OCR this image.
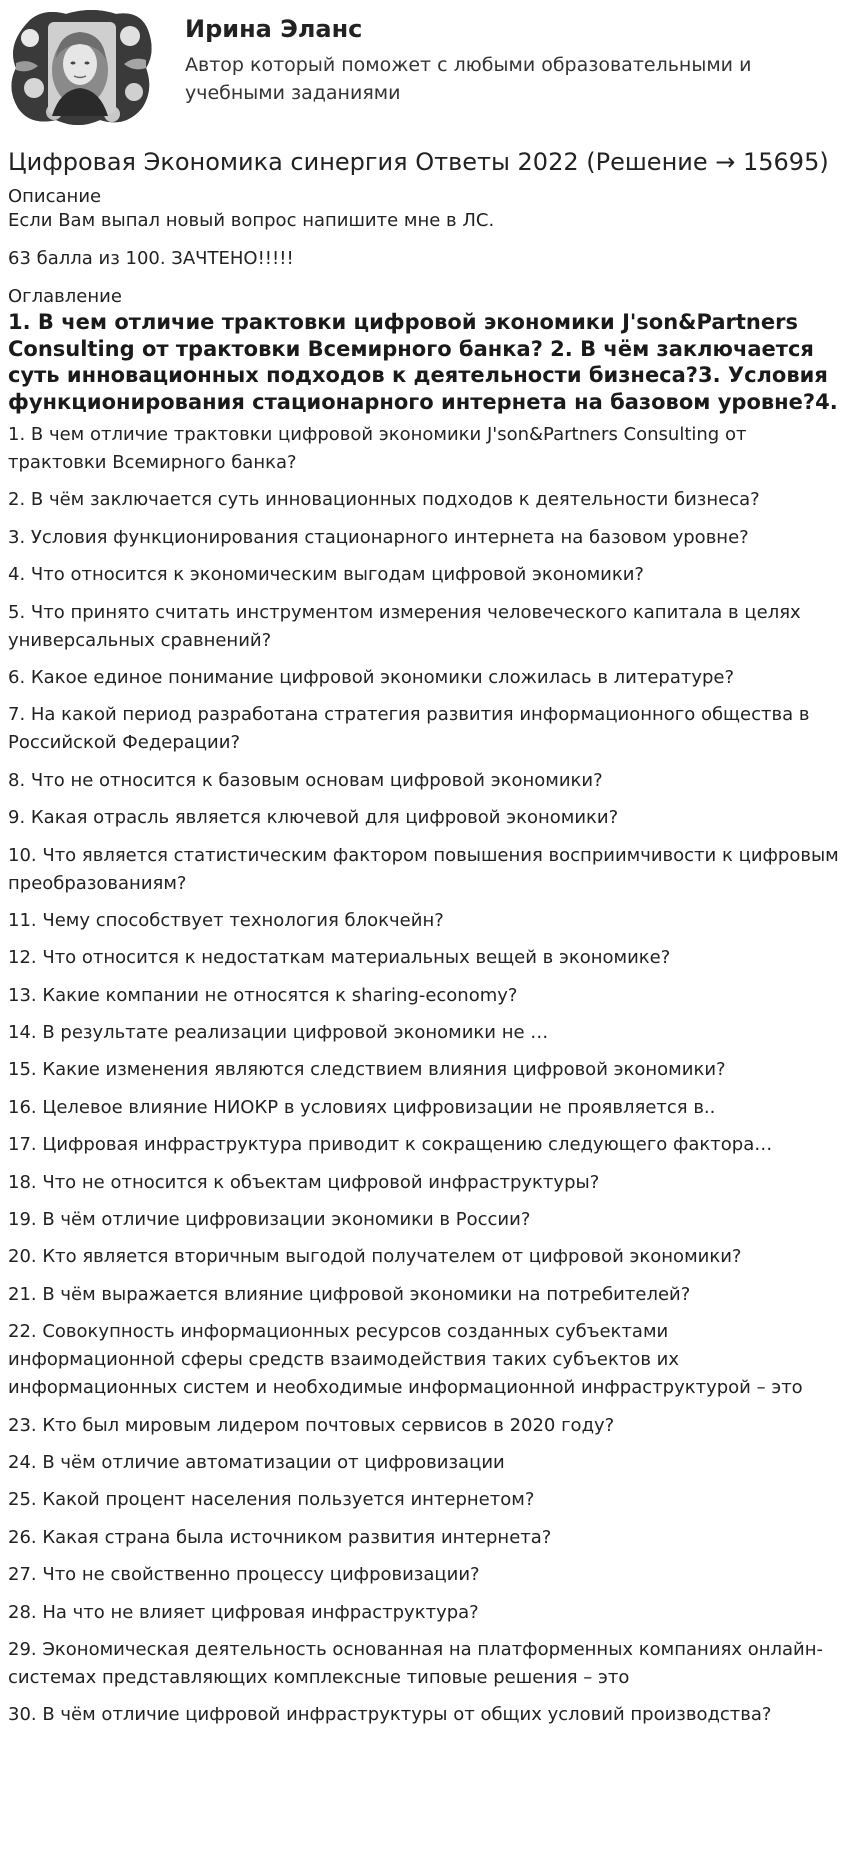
Ирина Эланс

Автор который поможет с любыми образовательными и учебными заданиями

Цифровая Экономика синергия Ответы 2022 (Решение → 15695)

Описание

Если Вам выпал новый вопрос напишите мне в ЛС.

63 балла из 100. ЗАЧТЕНО!!!!!

Оглавление

1. В чем отличие трактовки цифровой экономики J'son&Partners Consulting от трактовки Всемирного банка? 2. В чём заключается суть инновационных подходов к деятельности бизнеса?3. Условия функционирования стационарного интернета на базовом уровне?4.
1. В чем отличие трактовки цифровой экономики J'son&Partners Consulting от трактовки Всемирного банка?
2. В чём заключается суть инновационных подходов к деятельности бизнеса?
3. Условия функционирования стационарного интернета на базовом уровне?
4. Что относится к экономическим выгодам цифровой экономики?
5. Что принято считать инструментом измерения человеческого капитала в целях универсальных сравнений?
6. Какое единое понимание цифровой экономики сложилась в литературе?
7. На какой период разработана стратегия развития информационного общества в Российской Федерации?
8. Что не относится к базовым основам цифровой экономики?
9. Какая отрасль является ключевой для цифровой экономики?
10. Что является статистическим фактором повышения восприимчивости к цифровым преобразованиям?
11. Чему способствует технология блокчейн?
12. Что относится к недостаткам материальных вещей в экономике?
13. Какие компании не относятся к sharing-economy?
14. В результате реализации цифровой экономики не …
15. Какие изменения являются следствием влияния цифровой экономики?
16. Целевое влияние НИОКР в условиях цифровизации не проявляется в..
17. Цифровая инфраструктура приводит к сокращению следующего фактора…
18. Что не относится к объектам цифровой инфраструктуры?
19. В чём отличие цифровизации экономики в России?
20. Кто является вторичным выгодой получателем от цифровой экономики?
21. В чём выражается влияние цифровой экономики на потребителей?
22. Совокупность информационных ресурсов созданных субъектами информационной сферы средств взаимодействия таких субъектов их информационных систем и необходимые информационной инфраструктурой – это
23. Кто был мировым лидером почтовых сервисов в 2020 году?
24. В чём отличие автоматизации от цифровизации
25. Какой процент населения пользуется интернетом?
26. Какая страна была источником развития интернета?
27. Что не свойственно процессу цифровизации?
28. На что не влияет цифровая инфраструктура?
29. Экономическая деятельность основанная на платформенных компаниях онлайн-системах представляющих комплексные типовые решения – это
30. В чём отличие цифровой инфраструктуры от общих условий производства?
